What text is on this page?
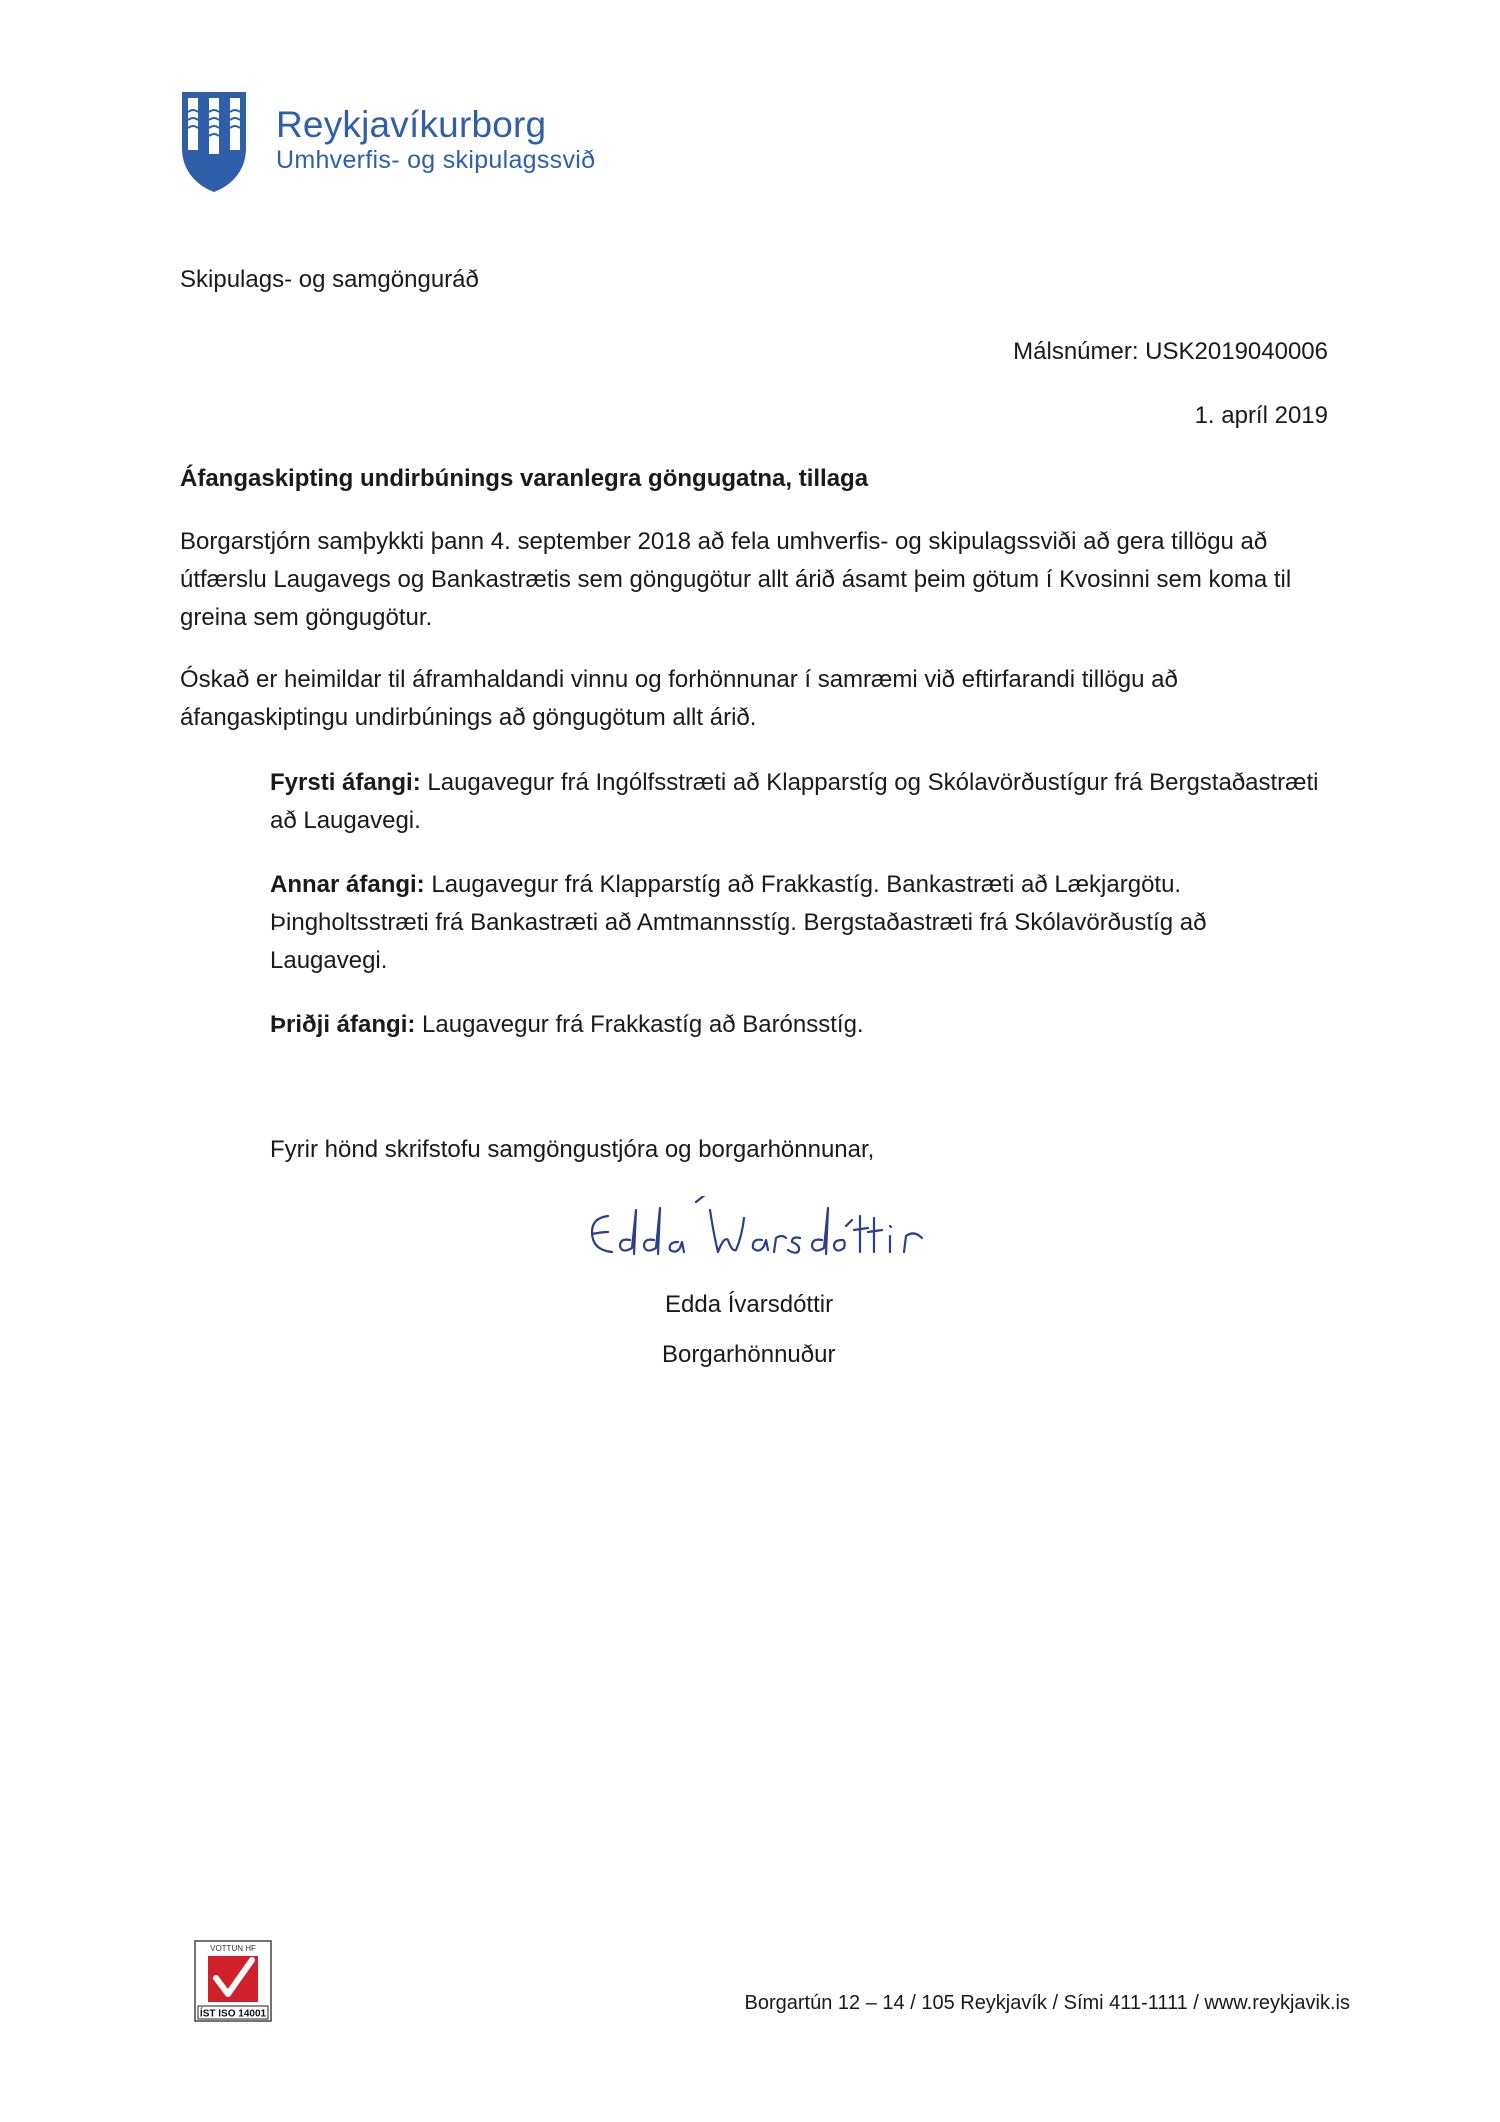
Reykjavíkurborg
Umhverfis- og skipulagssvið
Skipulags- og samgönguráð
Málsnúmer: USK2019040006
1. apríl 2019
Áfangaskipting undirbúnings varanlegra göngugatna, tillaga
Borgarstjórn samþykkti þann 4. september 2018 að fela umhverfis- og skipulagssviði að gera tillögu að útfærslu Laugavegs og Bankastrætis sem göngugötur allt árið ásamt þeim götum í Kvosinni sem koma til greina sem göngugötur.
Óskað er heimildar til áframhaldandi vinnu og forhönnunar í samræmi við eftirfarandi tillögu að áfangaskiptingu undirbúnings að göngugötum allt árið.
Fyrsti áfangi: Laugavegur frá Ingólfsstræti að Klapparstíg og Skólavörðustígur frá Bergstaðastræti að Laugavegi.
Annar áfangi: Laugavegur frá Klapparstíg að Frakkastíg. Bankastræti að Lækjargötu. Þingholtsstræti frá Bankastræti að Amtmannsstíg. Bergstaðastræti frá Skólavörðustíg að Laugavegi.
Þriðji áfangi: Laugavegur frá Frakkastíg að Barónsstíg.
Fyrir hönd skrifstofu samgöngustjóra og borgarhönnunar,
Edda Ívarsdóttir
Borgarhönnuður
VOTTUN HF
ÍST ISO 14001	Borgartún 12 – 14 / 105 Reykjavík / Sími 411-1111 / www.reykjavik.is
